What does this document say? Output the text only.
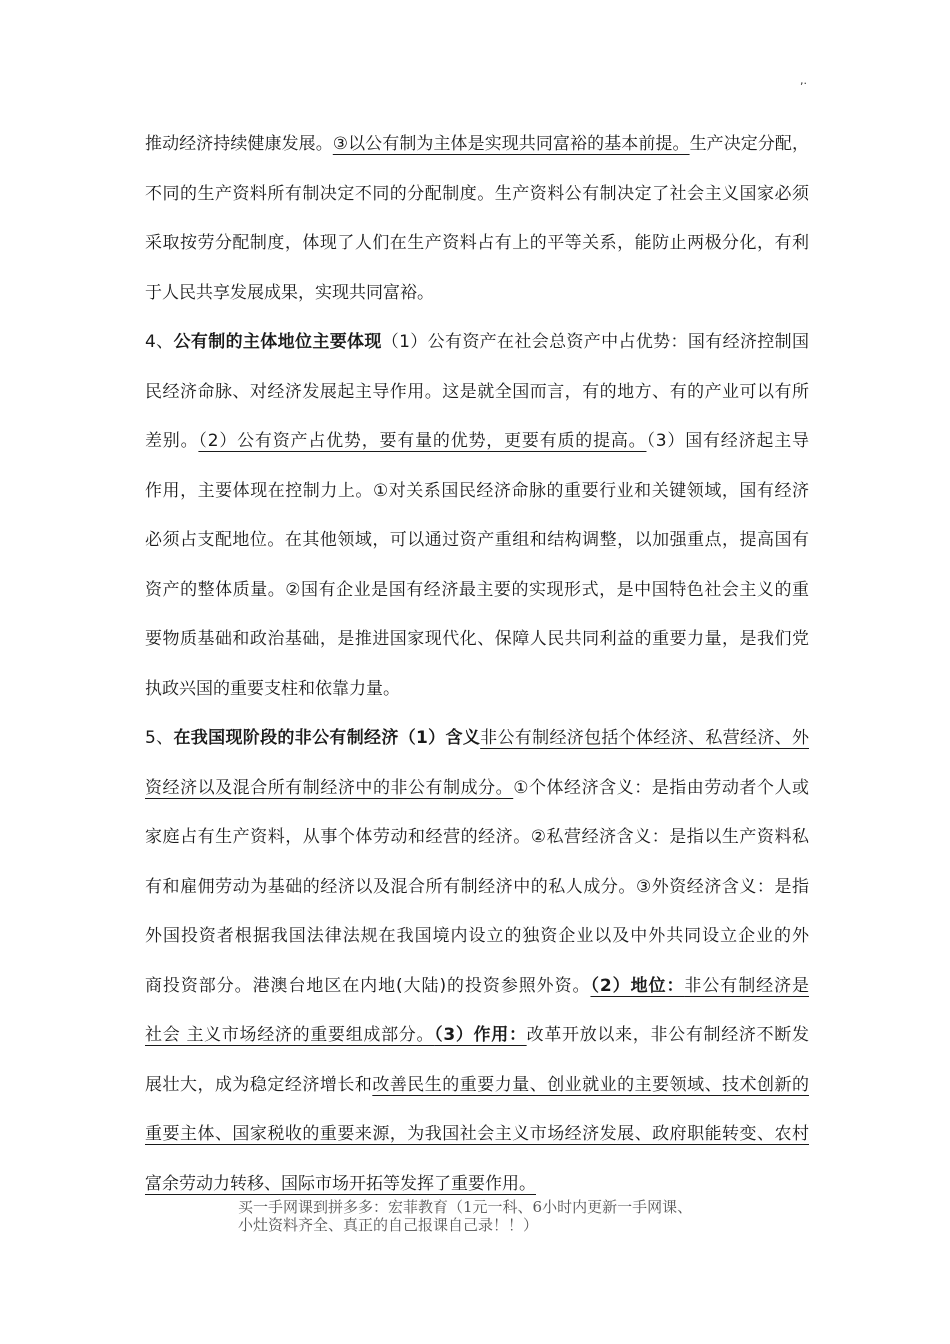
,.
推动经济持续健康发展。③以公有制为主体是实现共同富裕的基本前提。生产决定分配，
不同的生产资料所有制决定不同的分配制度。生产资料公有制决定了社会主义国家必须
采取按劳分配制度，体现了人们在生产资料占有上的平等关系，能防止两极分化，有利
于人民共享发展成果，实现共同富裕。
4、公有制的主体地位主要体现（1）公有资产在社会总资产中占优势：国有经济控制国
民经济命脉、对经济发展起主导作用。这是就全国而言，有的地方、有的产业可以有所
差别。（2）公有资产占优势，要有量的优势，更要有质的提高。（3）国有经济起主导
作用，主要体现在控制力上。①对关系国民经济命脉的重要行业和关键领域，国有经济
必须占支配地位。在其他领域，可以通过资产重组和结构调整，以加强重点，提高国有
资产的整体质量。②国有企业是国有经济最主要的实现形式，是中国特色社会主义的重
要物质基础和政治基础，是推进国家现代化、保障人民共同利益的重要力量，是我们党
执政兴国的重要支柱和依靠力量。
5、在我国现阶段的非公有制经济（1）含义非公有制经济包括个体经济、私营经济、外
资经济以及混合所有制经济中的非公有制成分。①个体经济含义：是指由劳动者个人或
家庭占有生产资料，从事个体劳动和经营的经济。②私营经济含义：是指以生产资料私
有和雇佣劳动为基础的经济以及混合所有制经济中的私人成分。③外资经济含义：是指
外国投资者根据我国法律法规在我国境内设立的独资企业以及中外共同设立企业的外
商投资部分。港澳台地区在内地(大陆)的投资参照外资。（2）地位：非公有制经济是
社会 主义市场经济的重要组成部分。（3）作用：改革开放以来，非公有制经济不断发
展壮大，成为稳定经济增长和改善民生的重要力量、创业就业的主要领域、技术创新的
重要主体、国家税收的重要来源，为我国社会主义市场经济发展、政府职能转变、农村
富余劳动力转移、国际市场开拓等发挥了重要作用。
买一手网课到拼多多：宏菲教育（1元一科、6小时内更新一手网课、
小灶资料齐全、真正的自己报课自己录！！）
